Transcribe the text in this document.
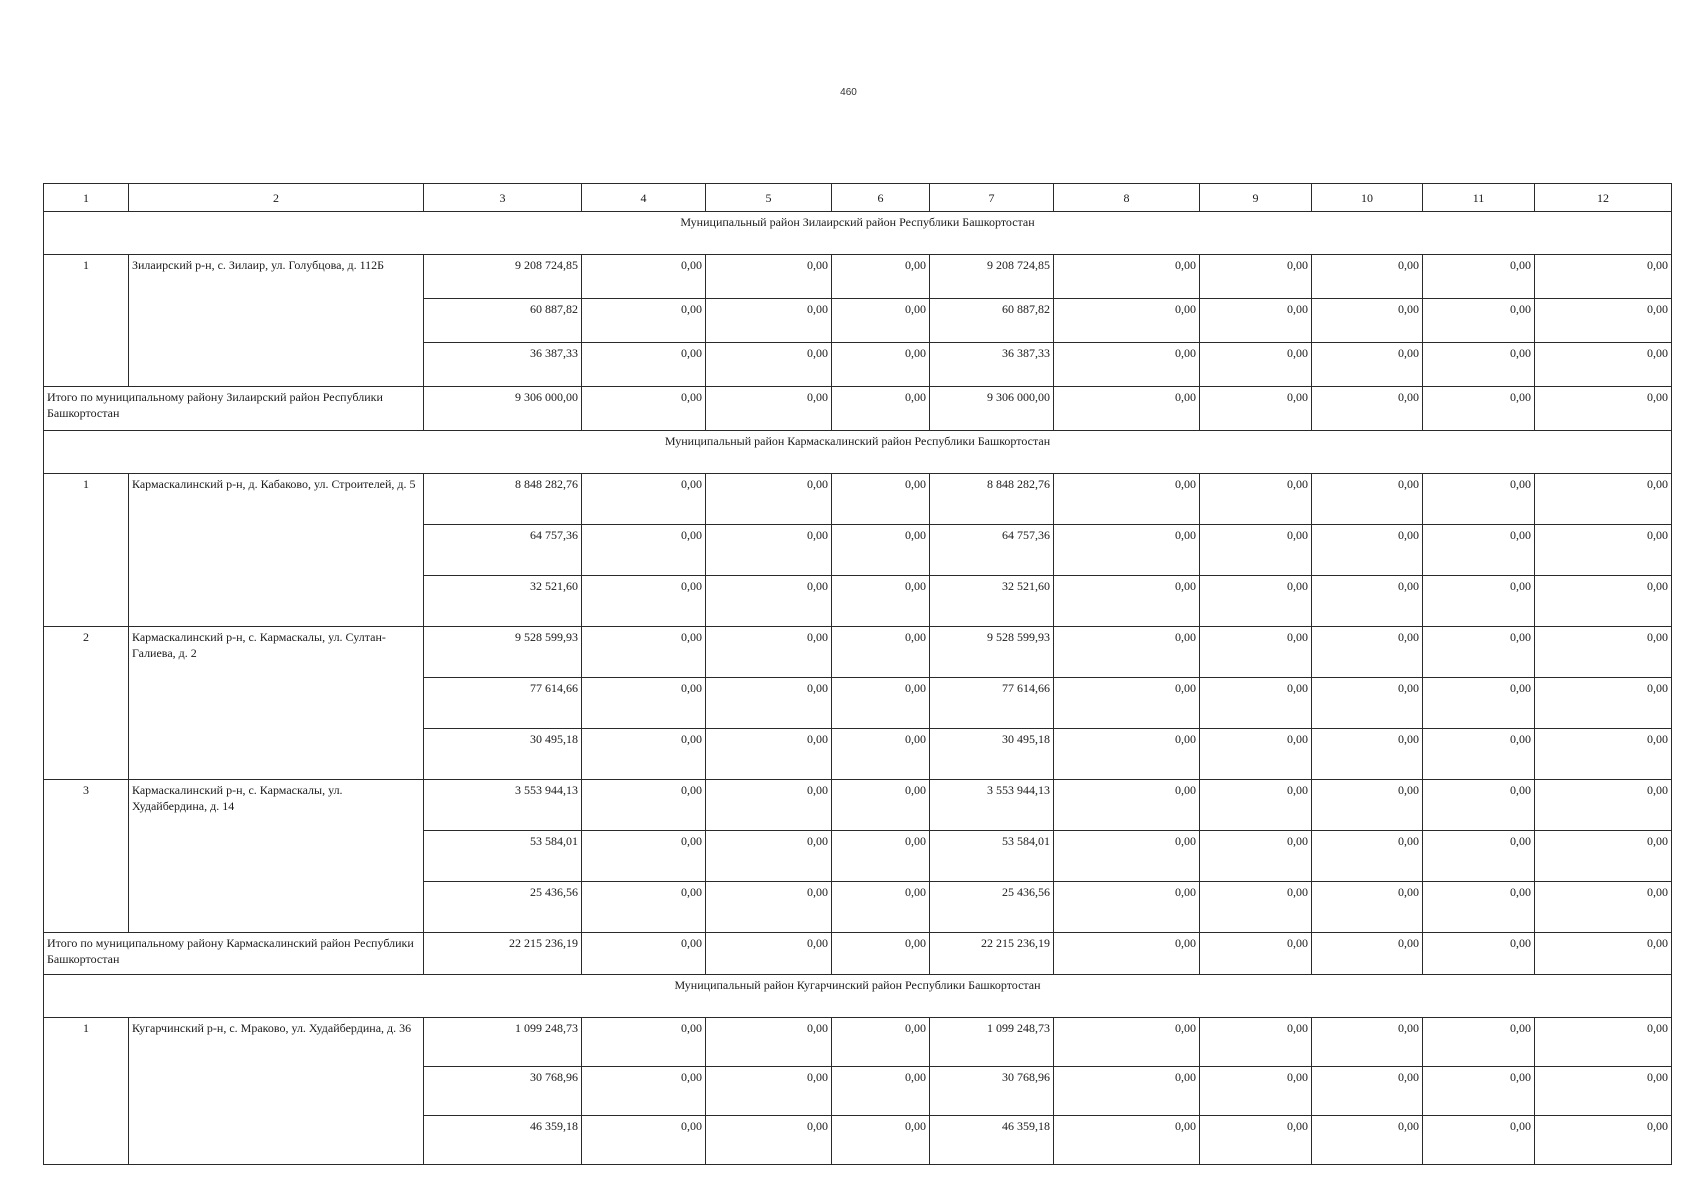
460
1	2	3	4	5	6	7	8	9	10	11	12
Муниципальный район Зилаирский район Республики Башкортостан											
1	Зилаирский р-н, с. Зилаир, ул. Голубцова, д. 112Б	9 208 724,85	0,00	0,00	0,00	9 208 724,85	0,00	0,00	0,00	0,00	0,00
		60 887,82	0,00	0,00	0,00	60 887,82	0,00	0,00	0,00	0,00	0,00
		36 387,33	0,00	0,00	0,00	36 387,33	0,00	0,00	0,00	0,00	0,00
Итого по муниципальному району Зилаирский район Республики Башкортостан		9 306 000,00	0,00	0,00	0,00	9 306 000,00	0,00	0,00	0,00	0,00	0,00
Муниципальный район Кармаскалинский район Республики Башкортостан											
1	Кармаскалинский р-н, д. Кабаково, ул. Строителей, д. 5	8 848 282,76	0,00	0,00	0,00	8 848 282,76	0,00	0,00	0,00	0,00	0,00
		64 757,36	0,00	0,00	0,00	64 757,36	0,00	0,00	0,00	0,00	0,00
		32 521,60	0,00	0,00	0,00	32 521,60	0,00	0,00	0,00	0,00	0,00
2	Кармаскалинский р-н, с. Кармаскалы, ул. Султан-Галиева, д. 2	9 528 599,93	0,00	0,00	0,00	9 528 599,93	0,00	0,00	0,00	0,00	0,00
		77 614,66	0,00	0,00	0,00	77 614,66	0,00	0,00	0,00	0,00	0,00
		30 495,18	0,00	0,00	0,00	30 495,18	0,00	0,00	0,00	0,00	0,00
3	Кармаскалинский р-н, с. Кармаскалы, ул. Худайбердина, д. 14	3 553 944,13	0,00	0,00	0,00	3 553 944,13	0,00	0,00	0,00	0,00	0,00
		53 584,01	0,00	0,00	0,00	53 584,01	0,00	0,00	0,00	0,00	0,00
		25 436,56	0,00	0,00	0,00	25 436,56	0,00	0,00	0,00	0,00	0,00
Итого по муниципальному району Кармаскалинский район Республики Башкортостан		22 215 236,19	0,00	0,00	0,00	22 215 236,19	0,00	0,00	0,00	0,00	0,00
Муниципальный район Кугарчинский район Республики Башкортостан											
1	Кугарчинский р-н, с. Мраково, ул. Худайбердина, д. 36	1 099 248,73	0,00	0,00	0,00	1 099 248,73	0,00	0,00	0,00	0,00	0,00
		30 768,96	0,00	0,00	0,00	30 768,96	0,00	0,00	0,00	0,00	0,00
		46 359,18	0,00	0,00	0,00	46 359,18	0,00	0,00	0,00	0,00	0,00
